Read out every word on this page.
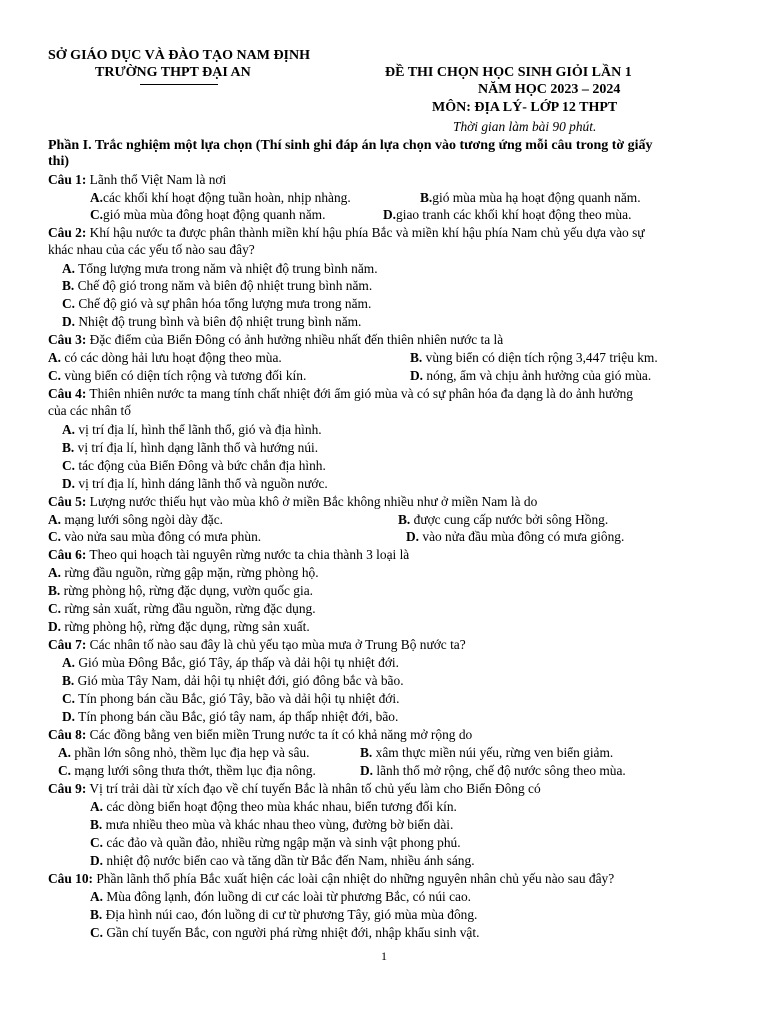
SỞ GIÁO DỤC VÀ ĐÀO TẠO NAM ĐỊNH
TRƯỜNG THPT ĐẠI AN	ĐỀ THI CHỌN HỌC SINH GIỎI LẦN 1
NĂM HỌC 2023 – 2024
MÔN: ĐỊA LÝ- LỚP 12 THPT
Thời gian làm bài 90 phút.
Phần I. Trắc nghiệm một lựa chọn (Thí sinh ghi đáp án lựa chọn vào tương ứng mỗi câu trong tờ giấy
thi)
Câu 1: Lãnh thổ Việt Nam là nơi
A.các khối khí hoạt động tuần hoàn, nhịp nhàng.	B.gió mùa mùa hạ hoạt động quanh năm.
C.gió mùa mùa đông hoạt động quanh năm.	D.giao tranh các khối khí hoạt động theo mùa.
Câu 2: Khí hậu nước ta được phân thành miền khí hậu phía Bắc và miền khí hậu phía Nam chủ yếu dựa vào sự
khác nhau của các yếu tố nào sau đây?
A. Tổng lượng mưa trong năm và nhiệt độ trung bình năm.
B. Chế độ gió trong năm và biên độ nhiệt trung bình năm.
C. Chế độ gió và sự phân hóa tổng lượng mưa trong năm.
D. Nhiệt độ trung bình và biên độ nhiệt trung bình năm.
Câu 3: Đặc điểm của Biển Đông có ảnh hưởng nhiều nhất đến thiên nhiên nước ta là
A. có các dòng hải lưu hoạt động theo mùa.	B. vùng biển có diện tích rộng 3,447 triệu km.
C. vùng biển có diện tích rộng và tương đối kín.	D. nóng, ẩm và chịu ảnh hưởng của gió mùa.
Câu 4: Thiên nhiên nước ta mang tính chất nhiệt đới ẩm gió mùa và có sự phân hóa đa dạng là do ảnh hưởng
của các nhân tố
A. vị trí địa lí, hình thể lãnh thổ, gió và địa hình.
B. vị trí địa lí, hình dạng lãnh thổ và hướng núi.
C. tác động của Biển Đông và bức chắn địa hình.
D. vị trí địa lí, hình dáng lãnh thổ và nguồn nước.
Câu 5: Lượng nước thiếu hụt vào mùa khô ở miền Bắc không nhiều như ở miền Nam là do
A. mạng lưới sông ngòi dày đặc.	B. được cung cấp nước bởi sông Hồng.
C. vào nửa sau mùa đông có mưa phùn.	D. vào nửa đầu mùa đông có mưa giông.
Câu 6: Theo qui hoạch tài nguyên rừng nước ta chia thành 3 loại là
A. rừng đầu nguồn, rừng gập mặn, rừng phòng hộ.
B. rừng phòng hộ, rừng đặc dụng, vườn quốc gia.
C. rừng sản xuất, rừng đầu nguồn, rừng đặc dụng.
D. rừng phòng hộ, rừng đặc dụng, rừng sản xuất.
Câu 7: Các nhân tố nào sau đây là chủ yếu tạo mùa mưa ở Trung Bộ nước ta?
A. Gió mùa Đông Bắc, gió Tây, áp thấp và dải hội tụ nhiệt đới.
B. Gió mùa Tây Nam, dải hội tụ nhiệt đới, gió đông bắc và bão.
C. Tín phong bán cầu Bắc, gió Tây, bão và dải hội tụ nhiệt đới.
D. Tín phong bán cầu Bắc, gió tây nam, áp thấp nhiệt đới, bão.
Câu 8: Các đồng bằng ven biển miền Trung nước ta ít có khả năng mở rộng do
A. phần lớn sông nhỏ, thềm lục địa hẹp và sâu.	B. xâm thực miền núi yếu, rừng ven biển giảm.
C. mạng lưới sông thưa thớt, thềm lục địa nông.	D. lãnh thổ mở rộng, chế độ nước sông theo mùa.
Câu 9: Vị trí trải dài từ xích đạo về chí tuyến Bắc là nhân tố chủ yếu làm cho Biển Đông có
A. các dòng biển hoạt động theo mùa khác nhau, biển tương đối kín.
B. mưa nhiều theo mùa và khác nhau theo vùng, đường bờ biển dài.
C. các đảo và quần đảo, nhiều rừng ngập mặn và sinh vật phong phú.
D. nhiệt độ nước biển cao và tăng dần từ Bắc đến Nam, nhiều ánh sáng.
Câu 10: Phần lãnh thổ phía Bắc xuất hiện các loài cận nhiệt do những nguyên nhân chủ yếu nào sau đây?
A. Mùa đông lạnh, đón luồng di cư các loài từ phương Bắc, có núi cao.
B. Địa hình núi cao, đón luồng di cư từ phương Tây, gió mùa mùa đông.
C. Gần chí tuyến Bắc, con người phá rừng nhiệt đới, nhập khẩu sinh vật.
1
